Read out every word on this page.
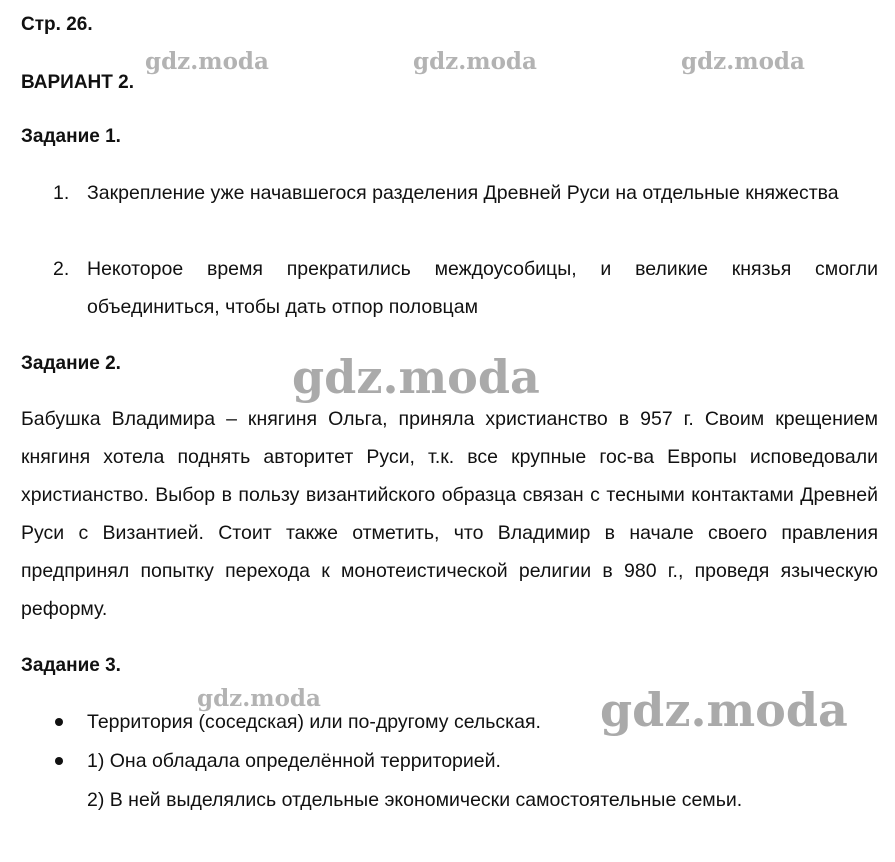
Стр. 26.
ВАРИАНТ 2.
Задание 1.
1. Закрепление уже начавшегося разделения Древней Руси на отдельные княжества
2. Некоторое время прекратились междоусобицы, и великие князья смогли объединиться, чтобы дать отпор половцам
Задание 2.
Бабушка Владимира – княгиня Ольга, приняла христианство в 957 г. Своим крещением княгиня хотела поднять авторитет Руси, т.к. все крупные гос-ва Европы исповедовали христианство. Выбор в пользу византийского образца связан с тесными контактами Древней Руси с Византией. Стоит также отметить, что Владимир в начале своего правления предпринял попытку перехода к монотеистической религии в 980 г., проведя языческую реформу.
Задание 3.
Территория (соседская) или по-другому сельская.
1) Она обладала определённой территорией.
2) В ней выделялись отдельные экономически самостоятельные семьи.
gdz.moda	gdz.moda	gdz.moda
gdz.moda
gdz.moda	gdz.moda
